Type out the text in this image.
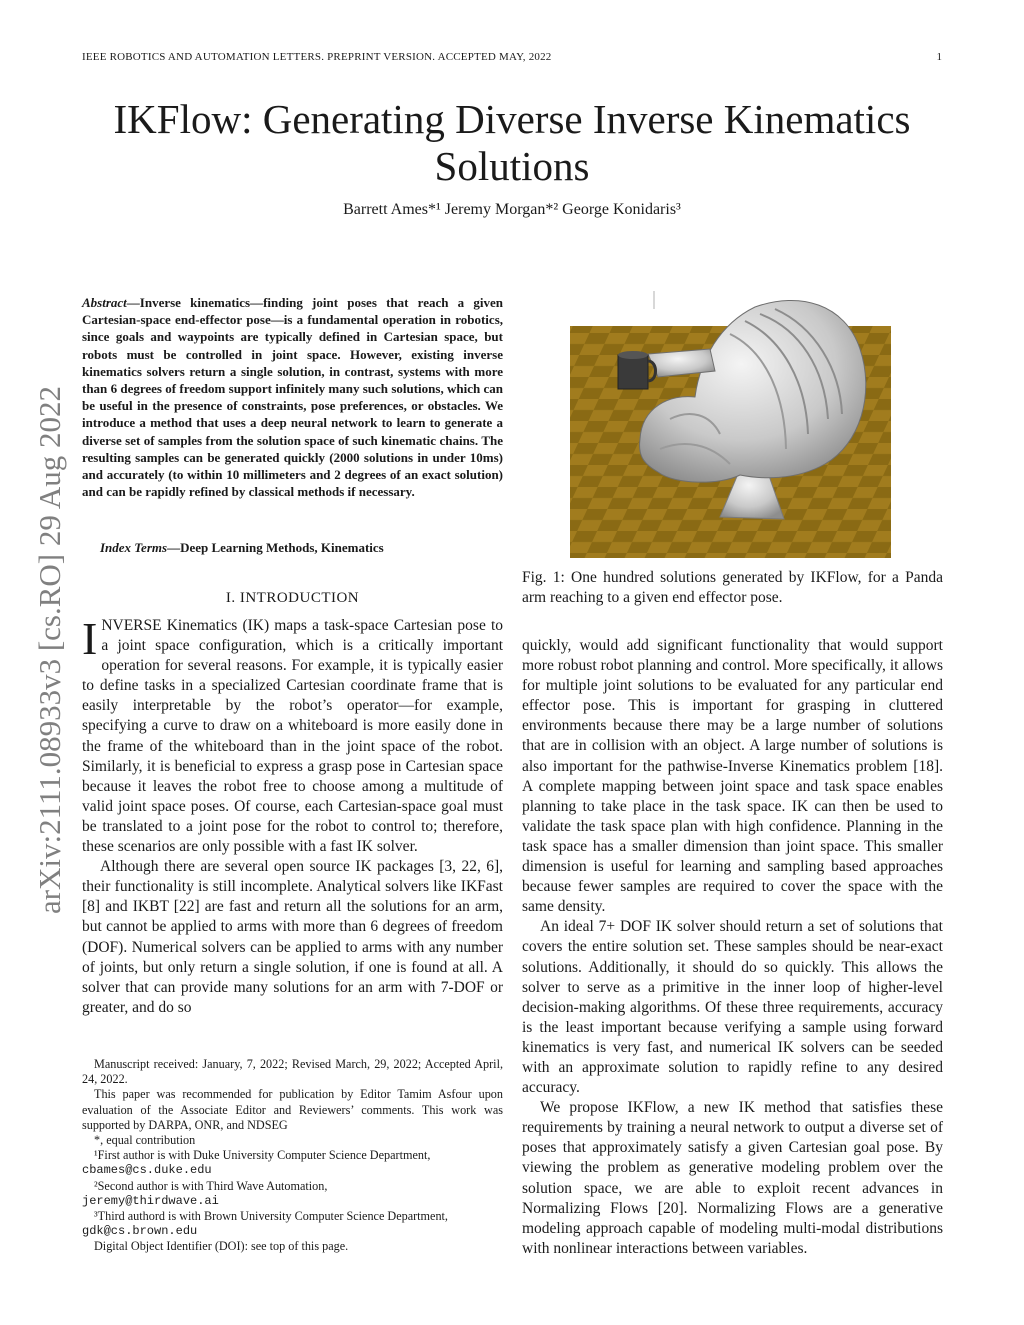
IEEE ROBOTICS AND AUTOMATION LETTERS. PREPRINT VERSION. ACCEPTED MAY, 2022	1
arXiv:2111.08933v3 [cs.RO] 29 Aug 2022
IKFlow: Generating Diverse Inverse Kinematics Solutions
Barrett Ames*¹ Jeremy Morgan*² George Konidaris³

Abstract—Inverse kinematics—finding joint poses that reach a given Cartesian-space end-effector pose—is a fundamental operation in robotics, since goals and waypoints are typically defined in Cartesian space, but robots must be controlled in joint space. However, existing inverse kinematics solvers return a single solution, in contrast, systems with more than 6 degrees of freedom support infinitely many such solutions, which can be useful in the presence of constraints, pose preferences, or obstacles. We introduce a method that uses a deep neural network to learn to generate a diverse set of samples from the solution space of such kinematic chains. The resulting samples can be generated quickly (2000 solutions in under 10ms) and accurately (to within 10 millimeters and 2 degrees of an exact solution) and can be rapidly refined by classical methods if necessary.

Index Terms—Deep Learning Methods, Kinematics

I. INTRODUCTION

INVERSE Kinematics (IK) maps a task-space Cartesian pose to a joint space configuration, which is a critically important operation for several reasons. For example, it is typically easier to define tasks in a specialized Cartesian coordinate frame that is easily interpretable by the robot’s operator—for example, specifying a curve to draw on a whiteboard is more easily done in the frame of the whiteboard than in the joint space of the robot. Similarly, it is beneficial to express a grasp pose in Cartesian space because it leaves the robot free to choose among a multitude of valid joint space poses. Of course, each Cartesian-space goal must be translated to a joint pose for the robot to control to; therefore, these scenarios are only possible with a fast IK solver.

Although there are several open source IK packages [3, 22, 6], their functionality is still incomplete. Analytical solvers like IKFast [8] and IKBT [22] are fast and return all the solutions for an arm, but cannot be applied to arms with more than 6 degrees of freedom (DOF). Numerical solvers can be applied to arms with any number of joints, but only return a single solution, if one is found at all. A solver that can provide many solutions for an arm with 7-DOF or greater, and do so

Manuscript received: January, 7, 2022; Revised March, 29, 2022; Accepted April, 24, 2022.

This paper was recommended for publication by Editor Tamim Asfour upon evaluation of the Associate Editor and Reviewers’ comments. This work was supported by DARPA, ONR, and NDSEG

*, equal contribution

¹First author is with Duke University Computer Science Department,

cbames@cs.duke.edu

²Second author is with Third Wave Automation,

jeremy@thirdwave.ai

³Third authord is with Brown University Computer Science Department,

gdk@cs.brown.edu

Digital Object Identifier (DOI): see top of this page.

Fig. 1: One hundred solutions generated by IKFlow, for a Panda arm reaching to a given end effector pose.

quickly, would add significant functionality that would support more robust robot planning and control. More specifically, it allows for multiple joint solutions to be evaluated for any particular end effector pose. This is important for grasping in cluttered environments because there may be a large number of solutions that are in collision with an object. A large number of solutions is also important for the pathwise-Inverse Kinematics problem [18]. A complete mapping between joint space and task space enables planning to take place in the task space. IK can then be used to validate the task space plan with high confidence. Planning in the task space has a smaller dimension than joint space. This smaller dimension is useful for learning and sampling based approaches because fewer samples are required to cover the space with the same density.

An ideal 7+ DOF IK solver should return a set of solutions that covers the entire solution set. These samples should be near-exact solutions. Additionally, it should do so quickly. This allows the solver to serve as a primitive in the inner loop of higher-level decision-making algorithms. Of these three requirements, accuracy is the least important because verifying a sample using forward kinematics is very fast, and numerical IK solvers can be seeded with an approximate solution to rapidly refine to any desired accuracy.

We propose IKFlow, a new IK method that satisfies these requirements by training a neural network to output a diverse set of poses that approximately satisfy a given Cartesian goal pose. By viewing the problem as generative modeling problem over the solution space, we are able to exploit recent advances in Normalizing Flows [20]. Normalizing Flows are a generative modeling approach capable of modeling multi-modal distributions with nonlinear interactions between variables.
